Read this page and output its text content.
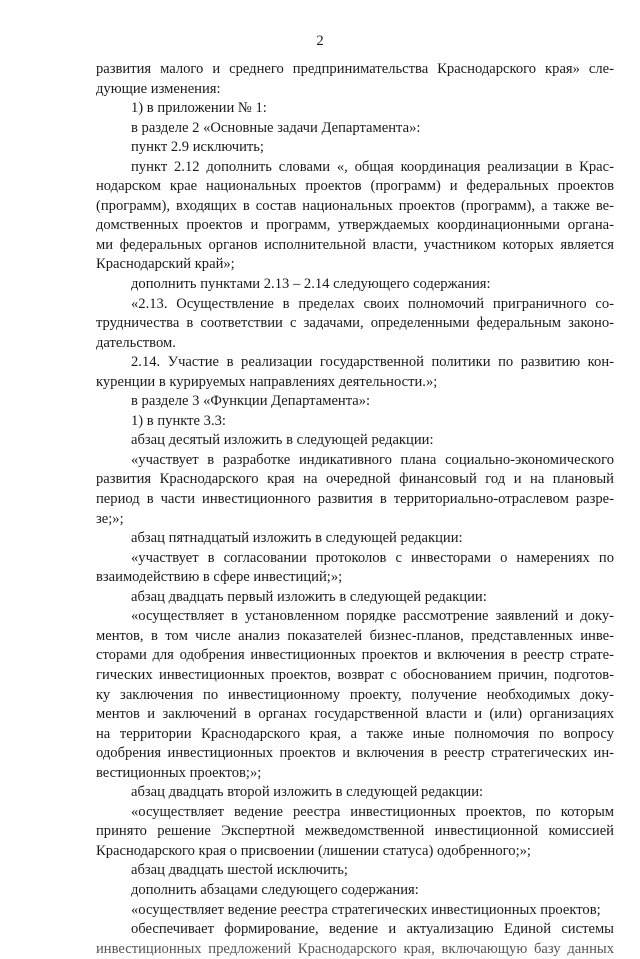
2
развития малого и среднего предпринимательства Краснодарского края» сле-
дующие изменения:
1) в приложении № 1:
в разделе 2 «Основные задачи Департамента»:
пункт 2.9 исключить;
пункт 2.12 дополнить словами «, общая координация реализации в Крас-
нодарском крае национальных проектов (программ) и федеральных проектов
(программ), входящих в состав национальных проектов (программ), а также ве-
домственных проектов и программ, утверждаемых координационными органа-
ми федеральных органов исполнительной власти, участником которых является
Краснодарский край»;
дополнить пунктами 2.13 – 2.14 следующего содержания:
«2.13. Осуществление в пределах своих полномочий приграничного со-
трудничества в соответствии с задачами, определенными федеральным законо-
дательством.
2.14. Участие в реализации государственной политики по развитию кон-
куренции в курируемых направлениях деятельности.»;
в разделе 3 «Функции Департамента»:
1) в пункте 3.3:
абзац десятый изложить в следующей редакции:
«участвует в разработке индикативного плана социально-экономического
развития Краснодарского края на очередной финансовый год и на плановый
период в части инвестиционного развития в территориально-отраслевом разре-
зе;»;
абзац пятнадцатый изложить в следующей редакции:
«участвует в согласовании протоколов с инвесторами о намерениях по
взаимодействию в сфере инвестиций;»;
абзац двадцать первый изложить в следующей редакции:
«осуществляет в установленном порядке рассмотрение заявлений и доку-
ментов, в том числе анализ показателей бизнес-планов, представленных инве-
сторами для одобрения инвестиционных проектов и включения в реестр страте-
гических инвестиционных проектов, возврат с обоснованием причин, подготов-
ку заключения по инвестиционному проекту, получение необходимых доку-
ментов и заключений в органах государственной власти и (или) организациях
на территории Краснодарского края, а также иные полномочия по вопросу
одобрения инвестиционных проектов и включения в реестр стратегических ин-
вестиционных проектов;»;
абзац двадцать второй изложить в следующей редакции:
«осуществляет ведение реестра инвестиционных проектов, по которым
принято решение Экспертной межведомственной инвестиционной комиссией
Краснодарского края о присвоении (лишении статуса) одобренного;»;
абзац двадцать шестой исключить;
дополнить абзацами следующего содержания:
«осуществляет ведение реестра стратегических инвестиционных проектов;
обеспечивает формирование, ведение и актуализацию Единой системы
инвестиционных предложений Краснодарского края, включающую базу данных
